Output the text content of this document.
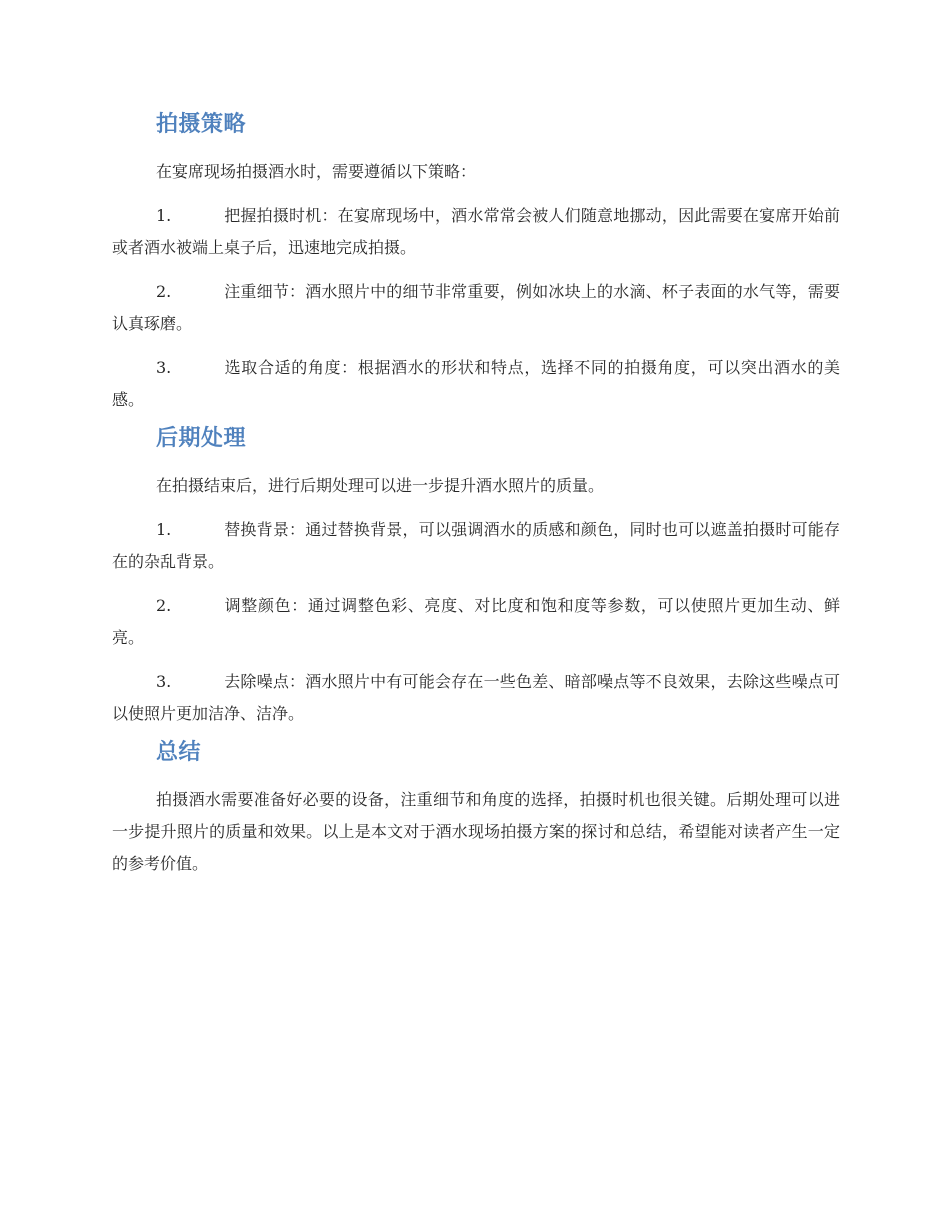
拍摄策略

在宴席现场拍摄酒水时，需要遵循以下策略：

1.	把握拍摄时机：在宴席现场中，酒水常常会被人们随意地挪动，因此需要在宴席开始前或者酒水被端上桌子后，迅速地完成拍摄。

2.	注重细节：酒水照片中的细节非常重要，例如冰块上的水滴、杯子表面的水气等，需要认真琢磨。

3.	选取合适的角度：根据酒水的形状和特点，选择不同的拍摄角度，可以突出酒水的美感。

后期处理

在拍摄结束后，进行后期处理可以进一步提升酒水照片的质量。

1.	替换背景：通过替换背景，可以强调酒水的质感和颜色，同时也可以遮盖拍摄时可能存在的杂乱背景。

2.	调整颜色：通过调整色彩、亮度、对比度和饱和度等参数，可以使照片更加生动、鲜亮。

3.	去除噪点：酒水照片中有可能会存在一些色差、暗部噪点等不良效果，去除这些噪点可以使照片更加洁净、洁净。

总结

拍摄酒水需要准备好必要的设备，注重细节和角度的选择，拍摄时机也很关键。后期处理可以进一步提升照片的质量和效果。以上是本文对于酒水现场拍摄方案的探讨和总结，希望能对读者产生一定的参考价值。
